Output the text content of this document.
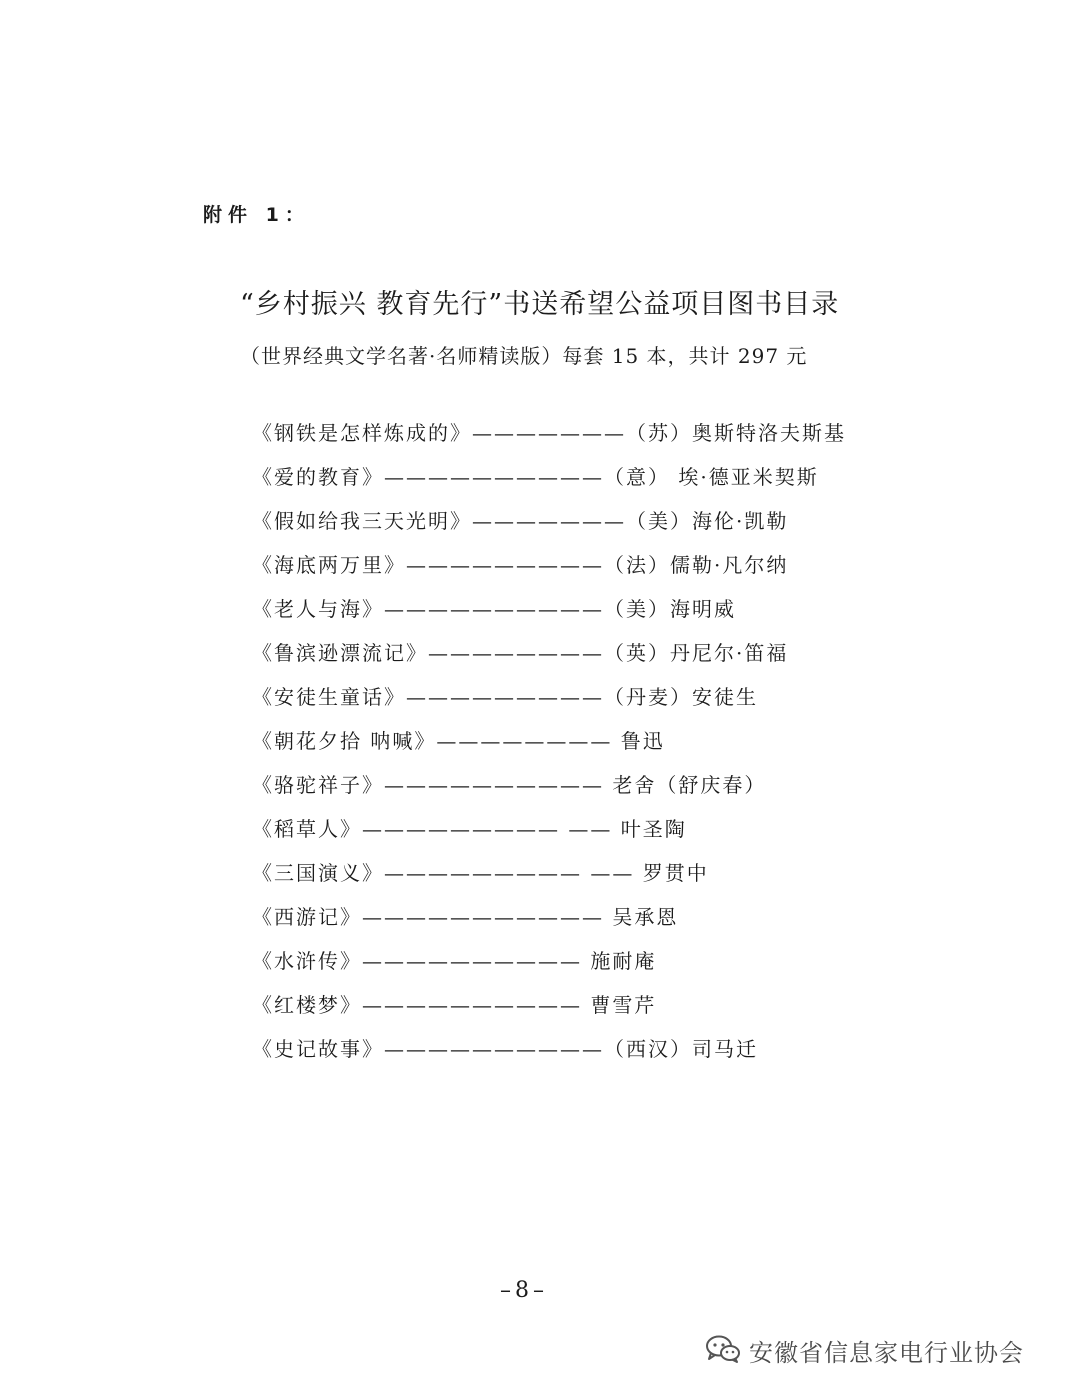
附件 1：
“乡村振兴 教育先行”书送希望公益项目图书目录
（世界经典文学名著·名师精读版）每套 15 本，共计 297 元
《钢铁是怎样炼成的》———————（苏）奥斯特洛夫斯基
《爱的教育》——————————（意） 埃·德亚米契斯
《假如给我三天光明》———————（美）海伦·凯勒
《海底两万里》—————————（法）儒勒·凡尔纳
《老人与海》——————————（美）海明威
《鲁滨逊漂流记》————————（英）丹尼尔·笛福
《安徒生童话》—————————（丹麦）安徒生
《朝花夕拾 呐喊》———————— 鲁迅
《骆驼祥子》—————————— 老舍（舒庆春）
《稻草人》————————— —— 叶圣陶
《三国演义》————————— —— 罗贯中
《西游记》——————————— 吴承恩
《水浒传》—————————— 施耐庵
《红楼梦》—————————— 曹雪芹
《史记故事》——————————（西汉）司马迁
–8–
安徽省信息家电行业协会
